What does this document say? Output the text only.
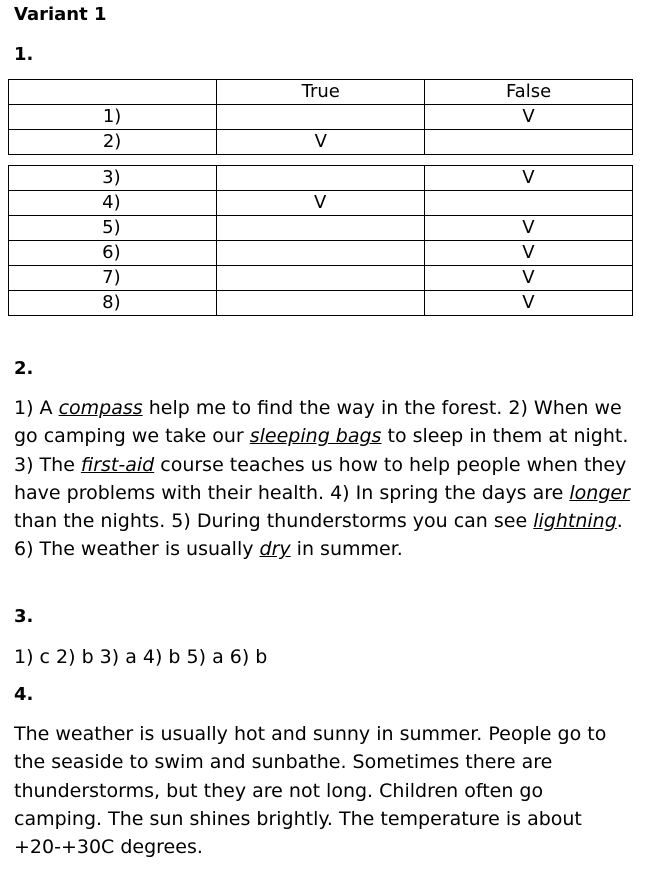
Variant 1
1.
	True	False
1)		V
2)	V	
3)		V
4)	V	
5)		V
6)		V
7)		V
8)		V
2.
1) A compass help me to find the way in the forest. 2) When we go camping we take our sleeping bags to sleep in them at night. 3) The first-aid course teaches us how to help people when they have problems with their health. 4) In spring the days are longer than the nights. 5) During thunderstorms you can see lightning. 6) The weather is usually dry in summer.
3.
1) c 2) b 3) a 4) b 5) a 6) b
4.
The weather is usually hot and sunny in summer. People go to the seaside to swim and sunbathe. Sometimes there are thunderstorms, but they are not long. Children often go camping. The sun shines brightly. The temperature is about +20-+30C degrees.
